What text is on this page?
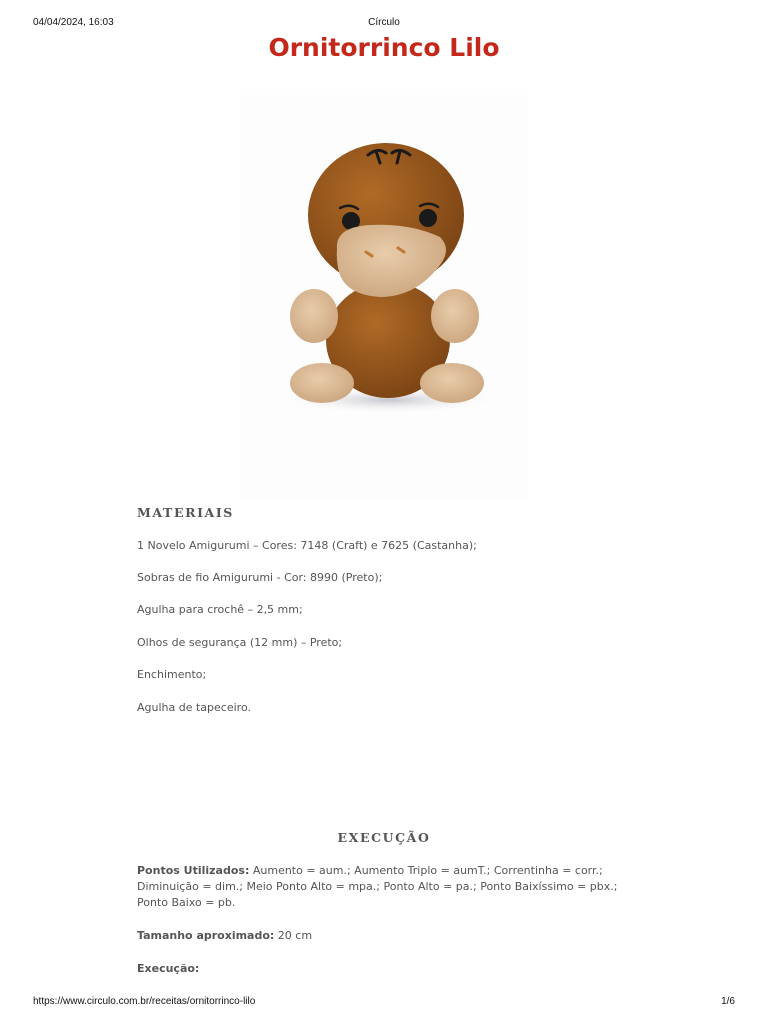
04/04/2024, 16:03	Círculo
Ornitorrinco Lilo
MATERIAIS

1 Novelo Amigurumi – Cores: 7148 (Craft) e 7625 (Castanha);

Sobras de fio Amigurumi - Cor: 8990 (Preto);

Agulha para crochê – 2,5 mm;

Olhos de segurança (12 mm) – Preto;

Enchimento;

Agulha de tapeceiro.

EXECUÇÃO

Pontos Utilizados: Aumento = aum.; Aumento Triplo = aumT.; Correntinha = corr.; Diminuição = dim.; Meio Ponto Alto = mpa.; Ponto Alto = pa.; Ponto Baixíssimo = pbx.; Ponto Baixo = pb.

Tamanho aproximado: 20 cm

Execução:

https://www.circulo.com.br/receitas/ornitorrinco-lilo	1/6
